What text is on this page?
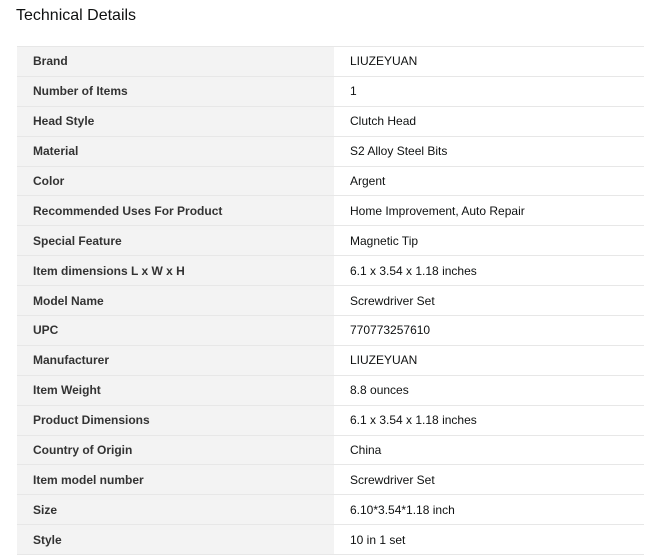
Technical Details
Brand	LIUZEYUAN
Number of Items	1
Head Style	Clutch Head
Material	S2 Alloy Steel Bits
Color	Argent
Recommended Uses For Product	Home Improvement, Auto Repair
Special Feature	Magnetic Tip
Item dimensions L x W x H	6.1 x 3.54 x 1.18 inches
Model Name	Screwdriver Set
UPC	770773257610
Manufacturer	LIUZEYUAN
Item Weight	8.8 ounces
Product Dimensions	6.1 x 3.54 x 1.18 inches
Country of Origin	China
Item model number	Screwdriver Set
Size	6.10*3.54*1.18 inch
Style	10 in 1 set
